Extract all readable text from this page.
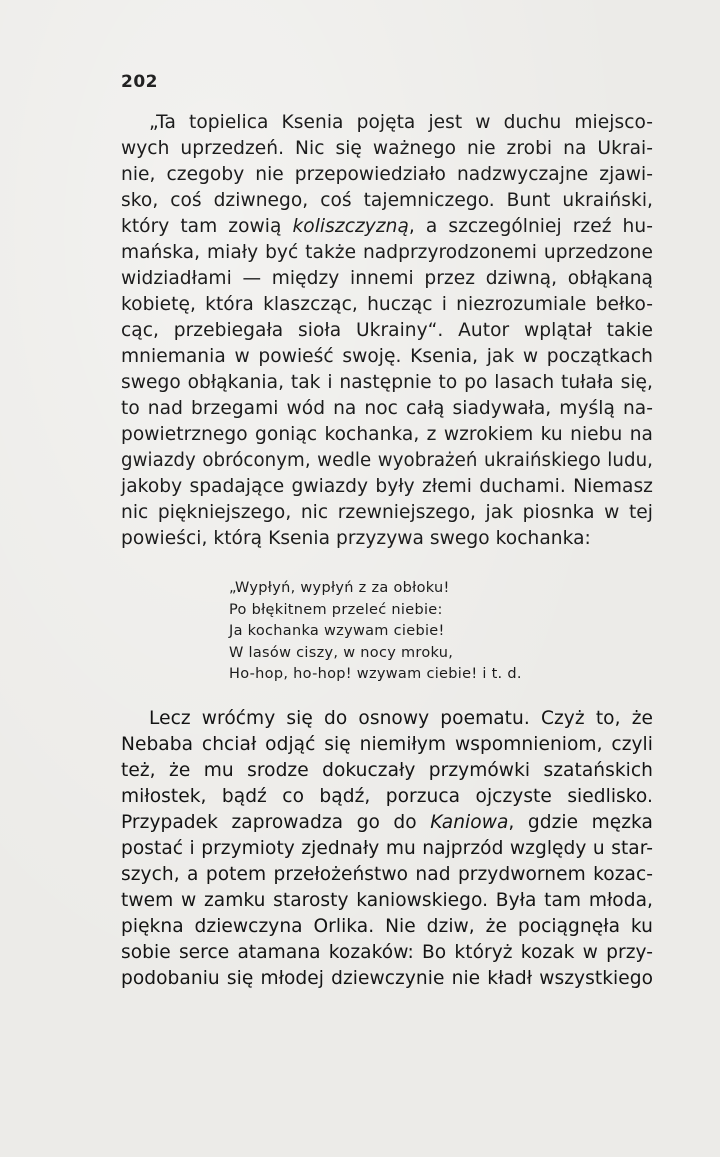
202
„Ta topielica Ksenia pojęta jest w duchu miejsco-
wych uprzedzeń. Nic się ważnego nie zrobi na Ukrai-
nie, czegoby nie przepowiedziało nadzwyczajne zjawi-
sko, coś dziwnego, coś tajemniczego. Bunt ukraiński,
który tam zowią koliszczyzną, a szczególniej rzeź hu-
mańska, miały być także nadprzyrodzonemi uprzedzone
widziadłami — między innemi przez dziwną, obłąkaną
kobietę, która klaszcząc, hucząc i niezrozumiale bełko-
cąc, przebiegała sioła Ukrainy“. Autor wplątał takie
mniemania w powieść swoję. Ksenia, jak w początkach
swego obłąkania, tak i następnie to po lasach tułała się,
to nad brzegami wód na noc całą siadywała, myślą na-
powietrznego goniąc kochanka, z wzrokiem ku niebu na
gwiazdy obróconym, wedle wyobrażeń ukraińskiego ludu,
jakoby spadające gwiazdy były złemi duchami. Niemasz
nic piękniejszego, nic rzewniejszego, jak piosnka w tej
powieści, którą Ksenia przyzywa swego kochanka:
„Wypłyń, wypłyń z za obłoku!
Po błękitnem przeleć niebie:
Ja kochanka wzywam ciebie!
W lasów ciszy, w nocy mroku,
Ho-hop, ho-hop! wzywam ciebie! i t. d.
Lecz wróćmy się do osnowy poematu. Czyż to, że
Nebaba chciał odjąć się niemiłym wspomnieniom, czyli
też, że mu srodze dokuczały przymówki szatańskich
miłostek, bądź co bądź, porzuca ojczyste siedlisko.
Przypadek zaprowadza go do Kaniowa, gdzie męzka
postać i przymioty zjednały mu najprzód względy u star-
szych, a potem przełożeństwo nad przydwornem kozac-
twem w zamku starosty kaniowskiego. Była tam młoda,
piękna dziewczyna Orlika. Nie dziw, że pociągnęła ku
sobie serce atamana kozaków: Bo któryż kozak w przy-
podobaniu się młodej dziewczynie nie kładł wszystkiego
